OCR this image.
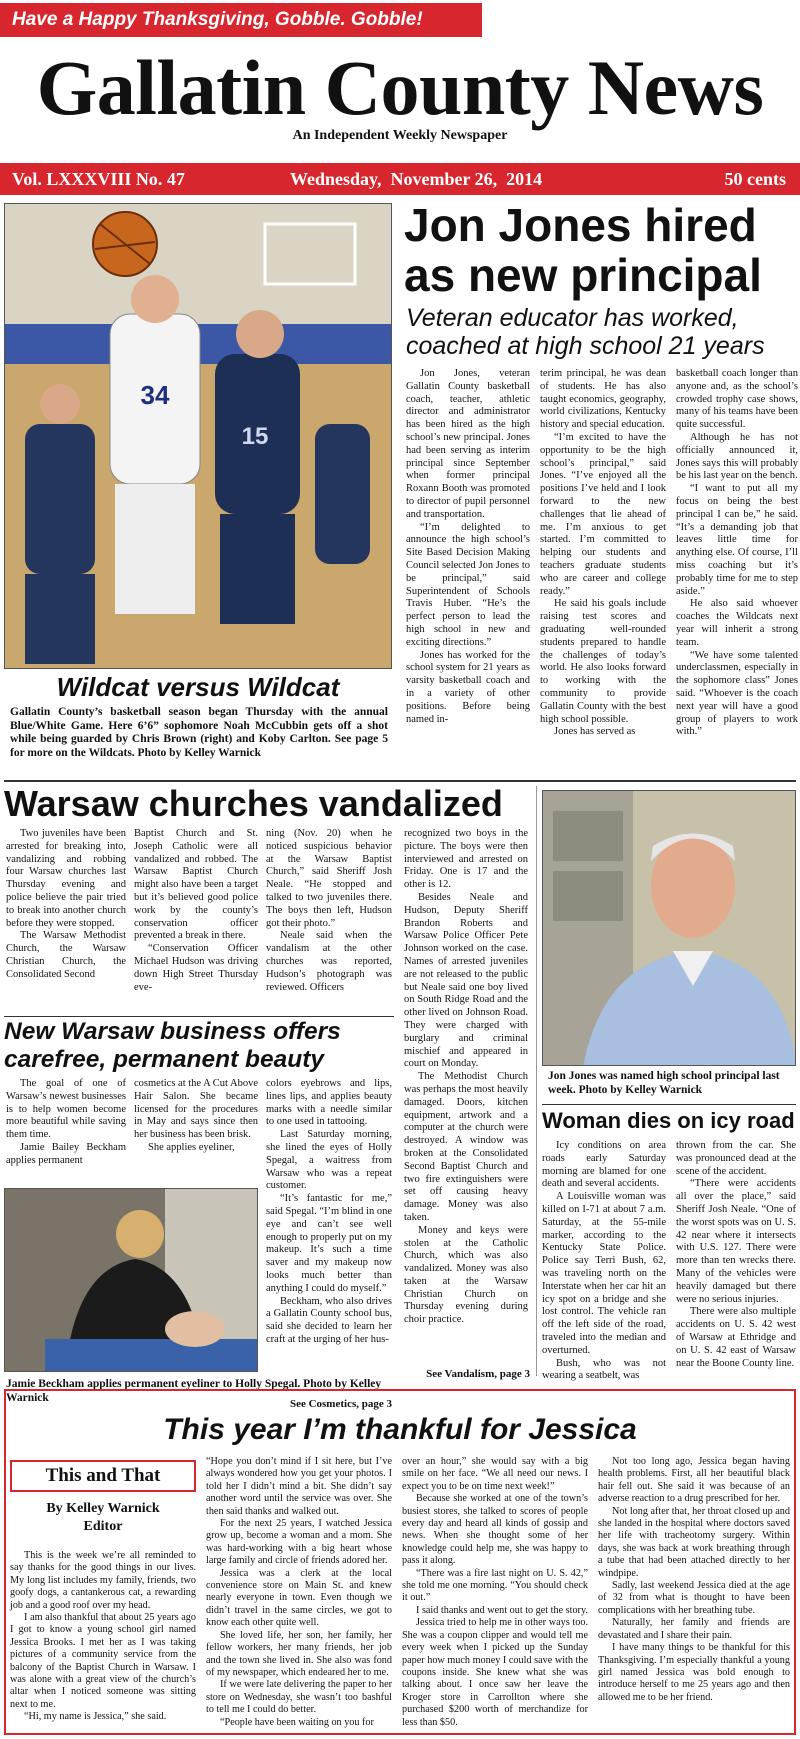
Have a Happy Thanksgiving, Gobble. Gobble!
Gallatin County News
An Independent Weekly Newspaper
Vol. LXXXVIII No. 47	Wednesday,  November 26,  2014	50 cents
34
15
Wildcat versus Wildcat
Gallatin County’s basketball season began Thursday with the annual Blue/White Game. Here 6’6” sophomore Noah McCubbin gets off a shot while being guarded by Chris Brown (right) and Koby Carlton. See page 5 for more on the Wildcats. Photo by Kelley Warnick
Jon Jones hired as new principal
Veteran educator has worked, coached at high school 21 years

Jon Jones, veteran Gallatin County basketball coach, teacher, athletic director and administrator has been hired as the high school’s new principal. Jones had been serving as interim principal since September when former principal Roxann Booth was promoted to director of pupil personnel and transportation.

“I’m delighted to announce the high school’s Site Based Decision Making Council selected Jon Jones to be principal,” said Superintendent of Schools Travis Huber. “He’s the perfect person to lead the high school in new and exciting directions.”

Jones has worked for the school system for 21 years as varsity basketball coach and in a variety of other positions. Before being named in-

terim principal, he was dean of students. He has also taught economics, geography, world civilizations, Kentucky history and special education.

“I’m excited to have the opportunity to be the high school’s principal,” said Jones. “I’ve enjoyed all the positions I’ve held and I look forward to the new challenges that lie ahead of me. I’m anxious to get started. I’m committed to helping our students and teachers graduate students who are career and college ready.”

He said his goals include raising test scores and graduating well-rounded students prepared to handle the challenges of today’s world. He also looks forward to working with the community to provide Gallatin County with the best high school possible.

Jones has served as

basketball coach longer than anyone and, as the school’s crowded trophy case shows, many of his teams have been quite successful.

Although he has not officially announced it, Jones says this will probably be his last year on the bench.

“I want to put all my focus on being the best principal I can be,” he said. “It’s a demanding job that leaves little time for anything else. Of course, I’ll miss coaching but it’s probably time for me to step aside.”

He also said whoever coaches the Wildcats next year will inherit a strong team.

“We have some talented underclassmen, especially in the sophomore class” Jones said. “Whoever is the coach next year will have a good group of players to work with.”

Warsaw churches vandalized

Two juveniles have been arrested for breaking into, vandalizing and robbing four Warsaw churches last Thursday evening and police believe the pair tried to break into another church before they were stopped.

The Warsaw Methodist Church, the Warsaw Christian Church, the Consolidated Second

Baptist Church and St. Joseph Catholic were all vandalized and robbed. The Warsaw Baptist Church might also have been a target but it’s believed good police work by the county’s conservation officer prevented a break in there.

“Conservation Officer Michael Hudson was driving down High Street Thursday eve-

ning (Nov. 20) when he noticed suspicious behavior at the Warsaw Baptist Church,” said Sheriff Josh Neale. “He stopped and talked to two juveniles there. The boys then left, Hudson got their photo.”

Neale said when the vandalism at the other churches was reported, Hudson’s photograph was reviewed. Officers

recognized two boys in the picture. The boys were then interviewed and arrested on Friday. One is 17 and the other is 12.

Besides Neale and Hudson, Deputy Sheriff Brandon Roberts and Warsaw Police Officer Pete Johnson worked on the case. Names of arrested juveniles are not released to the public but Neale said one boy lived on South Ridge Road and the other lived on Johnson Road. They were charged with burglary and criminal mischief and appeared in court on Monday.

The Methodist Church was perhaps the most heavily damaged. Doors, kitchen equipment, artwork and a computer at the church were destroyed. A window was broken at the Consolidated Second Baptist Church and two fire extinguishers were set off causing heavy damage. Money was also taken.

Money and keys were stolen at the Catholic Church, which was also vandalized. Money was also taken at the Warsaw Christian Church on Thursday evening during choir practice.

See Vandalism, page 3
Jon Jones was named high school principal last week. Photo by Kelley Warnick
Woman dies on icy road

Icy conditions on area roads early Saturday morning are blamed for one death and several accidents.

A Louisville woman was killed on I-71 at about 7 a.m. Saturday, at the 55-mile marker, according to the Kentucky State Police. Police say Terri Bush, 62, was traveling north on the Interstate when her car hit an icy spot on a bridge and she lost control. The vehicle ran off the left side of the road, traveled into the median and overturned.

Bush, who was not wearing a seatbelt, was

thrown from the car. She was pronounced dead at the scene of the accident.

“There were accidents all over the place,” said Sheriff Josh Neale. “One of the worst spots was on U. S. 42 near where it intersects with U.S. 127. There were more than ten wrecks there. Many of the vehicles were heavily damaged but there were no serious injuries.

There were also multiple accidents on U. S. 42 west of Warsaw at Ethridge and on U. S. 42 east of Warsaw near the Boone County line.

New Warsaw business offers carefree, permanent beauty

The goal of one of Warsaw’s newest businesses is to help women become more beautiful while saving them time.

Jamie Bailey Beckham applies permanent

cosmetics at the A Cut Above Hair Salon. She became licensed for the procedures in May and says since then her business has been brisk.

She applies eyeliner,

colors eyebrows and lips, lines lips, and applies beauty marks with a needle similar to one used in tattooing.

Last Saturday morning, she lined the eyes of Holly Spegal, a waitress from Warsaw who was a repeat customer.

“It’s fantastic for me,” said Spegal. “I’m blind in one eye and can’t see well enough to properly put on my makeup. It’s such a time saver and my makeup now looks much better than anything I could do myself.”

Beckham, who also drives a Gallatin County school bus, said she decided to learn her craft at the urging of her hus-

Jamie Beckham applies permanent eyeliner to Holly Spegal. Photo by Kelley Warnick
See Cosmetics, page 3
This year I’m thankful for Jessica
This and That
By Kelley Warnick
Editor

This is the week we’re all reminded to say thanks for the good things in our lives. My long list includes my family, friends, two goofy dogs, a cantankerous cat, a rewarding job and a good roof over my head.

I am also thankful that about 25 years ago I got to know a young school girl named Jessica Brooks. I met her as I was taking pictures of a community service from the balcony of the Baptist Church in Warsaw. I was alone with a great view of the church’s altar when I noticed someone was sitting next to me.

“Hi, my name is Jessica,” she said.

“Hope you don’t mind if I sit here, but I’ve always wondered how you get your photos. I told her I didn’t mind a bit. She didn’t say another word until the service was over. She then said thanks and walked out.

For the next 25 years, I watched Jessica grow up, become a woman and a mom. She was hard-working with a big heart whose large family and circle of friends adored her.

Jessica was a clerk at the local convenience store on Main St. and knew nearly everyone in town. Even though we didn’t travel in the same circles, we got to know each other quite well.

She loved life, her son, her family, her fellow workers, her many friends, her job and the town she lived in. She also was fond of my newspaper, which endeared her to me.

If we were late delivering the paper to her store on Wednesday, she wasn’t too bashful to tell me I could do better.

“People have been waiting on you for

over an hour,” she would say with a big smile on her face. “We all need our news. I expect you to be on time next week!”

Because she worked at one of the town’s busiest stores, she talked to scores of people every day and heard all kinds of gossip and news. When she thought some of her knowledge could help me, she was happy to pass it along.

“There was a fire last night on U. S. 42,” she told me one morning. “You should check it out.”

I said thanks and went out to get the story.

Jessica tried to help me in other ways too. She was a coupon clipper and would tell me every week when I picked up the Sunday paper how much money I could save with the coupons inside. She knew what she was talking about. I once saw her leave the Kroger store in Carrollton where she purchased $200 worth of merchandize for less than $50.

Not too long ago, Jessica began having health problems. First, all her beautiful black hair fell out. She said it was because of an adverse reaction to a drug prescribed for her.

Not long after that, her throat closed up and she landed in the hospital where doctors saved her life with tracheotomy surgery. Within days, she was back at work breathing through a tube that had been attached directly to her windpipe.

Sadly, last weekend Jessica died at the age of 32 from what is thought to have been complications with her breathing tube.

Naturally, her family and friends are devastated and I share their pain.

I have many things to be thankful for this Thanksgiving. I’m especially thankful a young girl named Jessica was bold enough to introduce herself to me 25 years ago and then allowed me to be her friend.
